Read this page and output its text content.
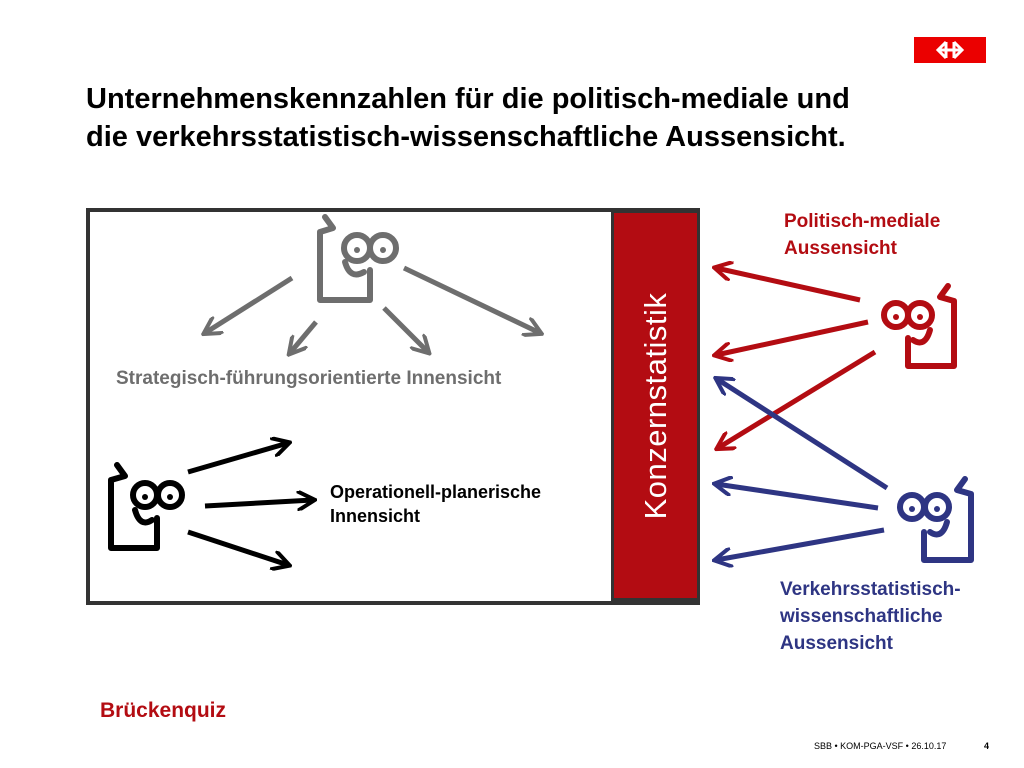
Unternehmenskennzahlen für die politisch-mediale und
die verkehrsstatistisch-wissenschaftliche Aussensicht.
Konzernstatistik
Strategisch-führungsorientierte Innensicht
Operationell-planerische
Innensicht
Politisch-mediale
Aussensicht
Verkehrsstatistisch-
wissenschaftliche
Aussensicht
Brückenquiz
SBB • KOM-PGA-VSF • 26.10.17	4
